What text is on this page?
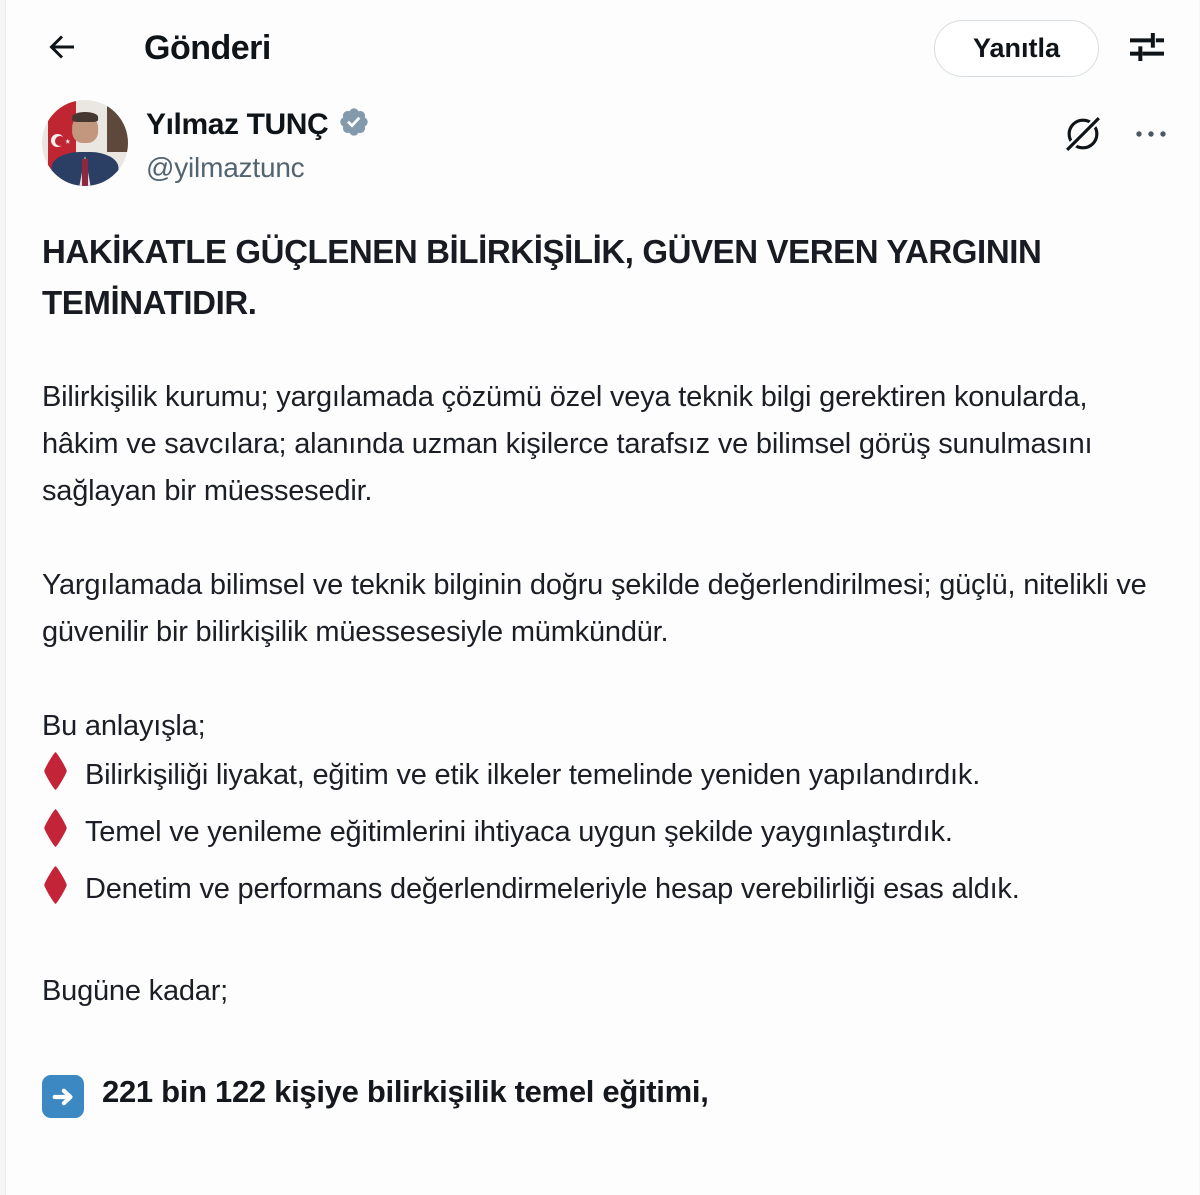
Gönderi	Yanıtla
Yılmaz TUNÇ
@yilmaztunc

HAKİKATLE GÜÇLENEN BİLİRKİŞİLİK, GÜVEN VEREN YARGININ TEMİNATIDIR.

Bilirkişilik kurumu; yargılamada çözümü özel veya teknik bilgi gerektiren konularda, hâkim ve savcılara; alanında uzman kişilerce tarafsız ve bilimsel görüş sunulmasını sağlayan bir müessesedir.

Yargılamada bilimsel ve teknik bilginin doğru şekilde değerlendirilmesi; güçlü, nitelikli ve güvenilir bir bilirkişilik müessesesiyle mümkündür.

Bu anlayışla;

Bilirkişiliği liyakat, eğitim ve etik ilkeler temelinde yeniden yapılandırdık.

Temel ve yenileme eğitimlerini ihtiyaca uygun şekilde yaygınlaştırdık.

Denetim ve performans değerlendirmeleriyle hesap verebilirliği esas aldık.

Bugüne kadar;

221 bin 122 kişiye bilirkişilik temel eğitimi,
